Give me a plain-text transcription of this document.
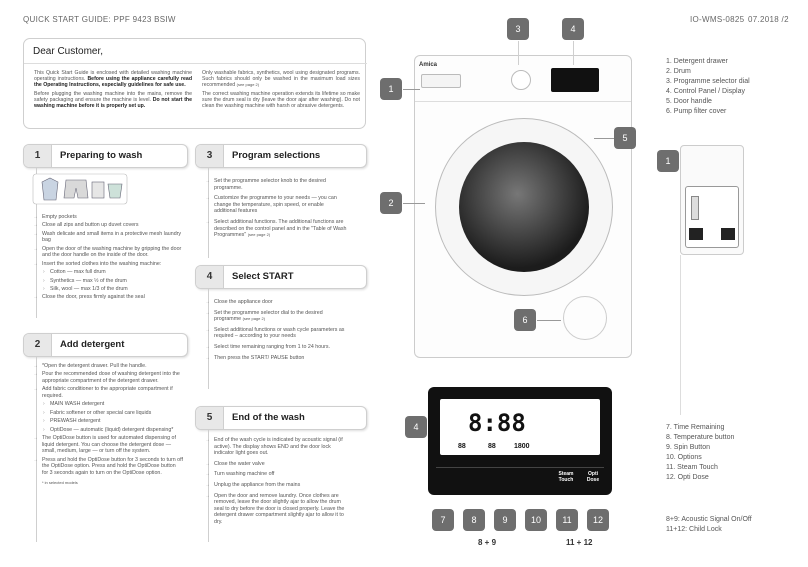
QUICK START GUIDE: PPF 9423 BSIW	IO-WMS-0825 07.2018 /2
Dear Customer,

This Quick Start Guide is enclosed with detailed washing machine operating instructions. Before using the appliance carefully read the Operating Instructions, especially guidelines for safe use.

Before plugging the washing machine into the mains, remove the safety packaging and ensure the machine is level. Do not start the washing machine before it is properly set up.

Only washable fabrics, synthetics, wool using designated programs. Such fabrics should only be washed in the maximum load sizes recommended (see page 2)

The correct washing machine operation extends its lifetime so make sure the drum seal is dry (leave the door ajar after washing). Do not clean the washing machine with harsh or abrasive detergents.

1	Preparing to wash
→ Empty pockets
→ Close all zips and button up duvet covers
→ Wash delicate and small items in a protective mesh laundry bag
→ Open the door of the washing machine by gripping the door and the door handle on the inside of the door.
→ Insert the sorted clothes into the washing machine:
› Cotton — max full drum
› Synthetics — max ½ of the drum
› Silk, wool — max 1/3 of the drum
→ Close the door, press firmly against the seal
2	Add detergent
→ *Open the detergent drawer. Pull the handle.
→ Pour the recommended dose of washing detergent into the appropriate compartment of the detergent drawer.
→ Add fabric conditioner to the appropriate compartment if required.
› MAIN WASH detergent
› Fabric softener or other special care liquids
› PREWASH detergent
› OptiDose — automatic (liquid) detergent dispensing*
→ The OptiDose button is used for automated dispensing of liquid detergent. You can choose the detergent dose — small, medium, large — or turn off the system.
→ Press and hold the OptiDose button for 3 seconds to turn off the OptiDose option. Press and hold the OptiDose button for 3 seconds again to turn on the OptiDose option.
* in selected models
3	Program selections
→ Set the programme selector knob to the desired programme.
→ Customize the programme to your needs — you can change the temperature, spin speed, or enable additional features
→ Select additional functions. The additional functions are described on the control panel and in the "Table of Wash Programmes" (see page 2)
4	Select START
→ Close the appliance door
→ Set the programme selector dial to the desired programme (see page 2)
→ Select additional functions or wash cycle parameters as required – according to your needs
→ Select time remaining ranging from 1 to 24 hours.
→ Then press the START/ PAUSE button
5	End of the wash
→ End of the wash cycle is indicated by acoustic signal (if active). The display shows END and the door lock indicator light goes out.
→ Close the water valve
→ Turn washing machine off
→ Unplug the appliance from the mains
→ Open the door and remove laundry. Once clothes are removed, leave the door slightly ajar to allow the drum seal to dry before the door is closed properly. Leave the detergent drawer compartment slightly ajar to allow it to dry.
Amica
1
2
3	4
5
6
1. Detergent drawer
2. Drum
3. Programme selector dial
4. Control Panel / Display
5. Door handle
6. Pump filter cover
1
4	8:88
88	88	1800
Steam Touch
Opti Dose
7	8	9	10	11	12
8 + 9	11 + 12
7. Time Remaining
8. Temperature button
9. Spin Button
10. Options
11. Steam Touch
12. Opti Dose
8+9: Acoustic Signal On/Off
11+12: Child Lock
